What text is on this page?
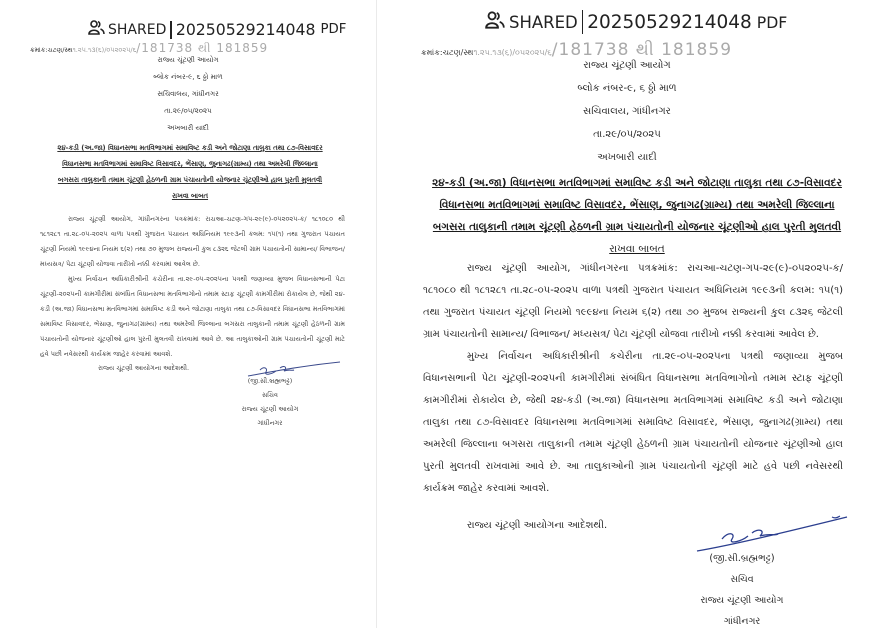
SHARED 20250529214048 PDF
ક્રમાંક:ચટણ/સ્થ૧.૨૫.૧૩(૬)/૦૫૨૦૨૫/૬/181738 થી 181859
રાજ્ય ચૂંટણી આયોગ
બ્લોક નંબર-૯, ૬ ઠ્ઠો માળ
સચિવાલય, ગાંધીનગર
તા.૨૯/૦૫/૨૦૨૫
અખબારી યાદી
૨૪-કડી (અ.જા) વિધાનસભા મતવિભાગમાં સમાવિષ્ટ કડી અને જોટાણા તાલુકા તથા ૮૭-વિસાવદર
વિધાનસભા મતવિભાગમાં સમાવિષ્ટ વિસાવદર, ભેંસાણ, જુનાગઢ(ગ્રામ્ય) તથા અમરેલી જિલ્લાના
બગસરા તાલુકાની તમામ ચૂંટણી હેઠળની ગ્રામ પંચાયતોની યોજનાર ચૂંટણીઓ હાલ પુરતી મુલતવી
રાખવા બાબત
રાજ્ય ચૂંટણી આયોગ, ગાંધીનગરના પત્રક્રમાંક: રાચઆ-ચટણ-ગપ-૨૯(૯)-૦૫૨૦૨૫-ક/ ૧૮૧૦૮૦ થી ૧૮૧૨૮૧ તા.૨૮-૦૫-૨૦૨૫ વાળા પત્રથી ગુજરાત પંચાયત અધિનિયમ ૧૯૯૩ની કલમ: ૧૫(૧) તથા ગુજરાત પંચાયત ચૂંટણી નિયમો ૧૯૯૪ના નિયમ ૬(૨) તથા ૭૦ મુજબ રાજ્યની કુલ ૮૩૨૬ જેટલી ગ્રામ પંચાયતોની સામાન્ય/ વિભાજન/ મધ્યસત્ર/ પેટા ચૂંટણી યોજવા તારીખો નક્કી કરવામાં આવેલ છે.
મુખ્ય નિર્વાચન અધિકારીશ્રીની કચેરીના તા.૨૯-૦૫-૨૦૨૫ના પત્રથી જણાવ્યા મુજબ વિધાનસભાની પેટા ચૂંટણી-૨૦૨૫ની કામગીરીમાં સંબંધિત વિધાનસભા મતવિભાગોનો તમામ સ્ટાફ ચૂંટણી કામગીરીમાં રોકાયેલ છે, જેથી ૨૪-કડી (અ.જા) વિધાનસભા મતવિભાગમાં સમાવિષ્ટ કડી અને જોટાણા તાલુકા તથા ૮૭-વિસાવદર વિધાનસભા મતવિભાગમાં સમાવિષ્ટ વિસાવદર, ભેંસાણ, જુનાગઢ(ગ્રામ્ય) તથા અમરેલી જિલ્લાના બગસરા તાલુકાની તમામ ચૂંટણી હેઠળની ગ્રામ પંચાયતોની યોજનાર ચૂંટણીઓ હાલ પુરતી મુલતવી રાખવામાં આવે છે. આ તાલુકાઓની ગ્રામ પંચાયતોની ચૂંટણી માટે હવે પછી નવેસરથી કાર્યક્રમ જાહેર કરવામાં આવશે.
રાજ્ય ચૂંટણી આયોગના આદેશથી.
(જી.સી.બ્રહ્મભટ્ટ)
સચિવ
રાજ્ય ચૂંટણી આયોગ
ગાંધીનગર
SHARED 20250529214048 PDF
ક્રમાંક:ચટણ/સ્થ૧.૨૫.૧૩(૬)/૦૫૨૦૨૫/૬/181738 થી 181859
રાજ્ય ચૂંટણી આયોગ
બ્લોક નંબર-૯, ૬ ઠ્ઠો માળ
સચિવાલય, ગાંધીનગર
તા.૨૯/૦૫/૨૦૨૫
અખબારી યાદી
૨૪-કડી (અ.જા) વિધાનસભા મતવિભાગમાં સમાવિષ્ટ કડી અને જોટાણા તાલુકા તથા ૮૭-વિસાવદર
વિધાનસભા મતવિભાગમાં સમાવિષ્ટ વિસાવદર, ભેંસાણ, જુનાગઢ(ગ્રામ્ય) તથા અમરેલી જિલ્લાના
બગસરા તાલુકાની તમામ ચૂંટણી હેઠળની ગ્રામ પંચાયતોની યોજનાર ચૂંટણીઓ હાલ પુરતી મુલતવી
રાખવા બાબત
રાજ્ય ચૂંટણી આયોગ, ગાંધીનગરના પત્રક્રમાંક: રાચઆ-ચટણ-ગપ-૨૯(૯)-૦૫૨૦૨૫-ક/ ૧૮૧૦૮૦ થી ૧૮૧૨૮૧ તા.૨૮-૦૫-૨૦૨૫ વાળા પત્રથી ગુજરાત પંચાયત અધિનિયમ ૧૯૯૩ની કલમ: ૧૫(૧) તથા ગુજરાત પંચાયત ચૂંટણી નિયમો ૧૯૯૪ના નિયમ ૬(૨) તથા ૭૦ મુજબ રાજ્યની કુલ ૮૩૨૬ જેટલી ગ્રામ પંચાયતોની સામાન્ય/ વિભાજન/ મધ્યસત્ર/ પેટા ચૂંટણી યોજવા તારીખો નક્કી કરવામાં આવેલ છે.
મુખ્ય નિર્વાચન અધિકારીશ્રીની કચેરીના તા.૨૯-૦૫-૨૦૨૫ના પત્રથી જણાવ્યા મુજબ વિધાનસભાની પેટા ચૂંટણી-૨૦૨૫ની કામગીરીમાં સંબંધિત વિધાનસભા મતવિભાગોનો તમામ સ્ટાફ ચૂંટણી કામગીરીમાં રોકાયેલ છે, જેથી ૨૪-કડી (અ.જા) વિધાનસભા મતવિભાગમાં સમાવિષ્ટ કડી અને જોટાણા તાલુકા તથા ૮૭-વિસાવદર વિધાનસભા મતવિભાગમાં સમાવિષ્ટ વિસાવદર, ભેંસાણ, જુનાગઢ(ગ્રામ્ય) તથા અમરેલી જિલ્લાના બગસરા તાલુકાની તમામ ચૂંટણી હેઠળની ગ્રામ પંચાયતોની યોજનાર ચૂંટણીઓ હાલ પુરતી મુલતવી રાખવામાં આવે છે. આ તાલુકાઓની ગ્રામ પંચાયતોની ચૂંટણી માટે હવે પછી નવેસરથી કાર્યક્રમ જાહેર કરવામાં આવશે.
રાજ્ય ચૂંટણી આયોગના આદેશથી.
(જી.સી.બ્રહ્મભટ્ટ)
સચિવ
રાજ્ય ચૂંટણી આયોગ
ગાંધીનગર
